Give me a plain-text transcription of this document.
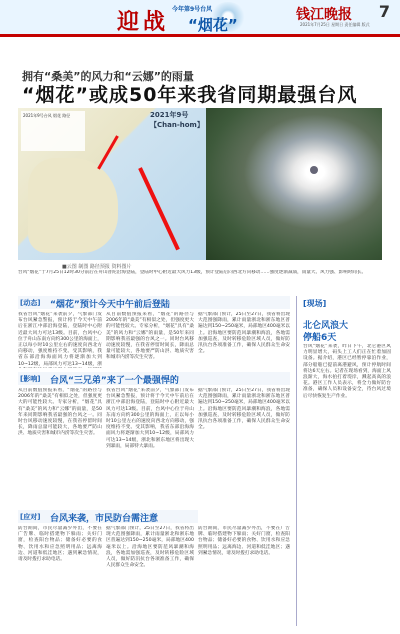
迎战 今年第9号台风
“烟花”
钱江晚报 7
2021年7月25日 星期日 责任编辑 版式
拥有“桑美”的风力和“云娜”的雨量
“烟花”或成50年来我省同期最强台风
2021年9号台风 烟花 路径	2021年9号【Chan-hom】
■云图 制图 路径预报 资料图片
台风“烟花”于7月25日12时30分前后在舟山普陀沿海登陆，登陆时中心附近最大风力13级，预计登陆后向西北方向移动……强度逐渐减弱，雨量大、风力强、影响时间长。
[动态] “烟花”预计今天中午前后登陆
我省台风“烟花”来袭前夕，气象部门发布台风紧急警报，预计将于今天中午前后在浙江中部沿海登陆，登陆时中心附近最大风力可达13级。目前，台风中心位于舟山东南方向约300公里的海面上，正以每小时10公里左右的速度向西北方向移动，强度维持不变。受其影响，我省东部沿海海面风力将逐渐加大到10~12级，局部风力可达13~14级，浙
从目前数值预报来看，“烟花”的路径与2006年的“桑美”有相似之处，但强度更大的可能性较大。专家分析，“烟花”具有“桑美”的风力和“云娜”的雨量，是50年来同期影响我省最强的台风之一。同时台风移动速度较慢，在我省停留时间长，降雨总量可能较大，各地要严防山洪、地质灾害和城市内涝等次生灾害。
据气象部门预计，25日至27日，我省将出现大范围强降雨，累计雨量浙北和浙东地区普遍达到150~250毫米，局部地区400毫米以上。沿海地区要防范风暴潮和海浪，各地需加强巡查，及时转移危险区域人员，做好防汛抗台各项准备工作，确保人民群众生命安全。
[影响] 台风“三兄弟”来了一个最强悍的
从目前数值预报来看，“烟花”的路径与2006年的“桑美”有相似之处，但强度更大的可能性较大。专家分析，“烟花”具有“桑美”的风力和“云娜”的雨量，是50年来同期影响我省最强的台风之一。同时台风移动速度较慢，在我省停留时间长，降雨总量可能较大，各地要严防山洪、地质灾害和城市内涝等次生灾害。
我省台风“烟花”来袭前夕，气象部门发布台风紧急警报，预计将于今天中午前后在浙江中部沿海登陆，登陆时中心附近最大风力可达13级。目前，台风中心位于舟山东南方向约300公里的海面上，正以每小时10公里左右的速度向西北方向移动，强度维持不变。受其影响，我省东部沿海海面风力将逐渐加大到10~12级，局部风力可达13~14级，浙北和浙东地区将出现大到暴雨，局部特大暴雨。
据气象部门预计，25日至27日，我省将出现大范围强降雨，累计雨量浙北和浙东地区普遍达到150~250毫米，局部地区400毫米以上。沿海地区要防范风暴潮和海浪，各地需加强巡查，及时转移危险区域人员，做好防汛抗台各项准备工作，确保人民群众生命安全。
[应对] 台风来袭，市民防台需注意
防台期间，市民尽量减少外出，不要在广告牌、临时搭建物下躲雨；关好门窗，检查阳台物品；储备好必要的食物、饮用水和应急照明用品；远离海边、河道和低洼地区；遇到紧急情况，请及时拨打求助电话。
据气象部门预计，25日至27日，我省将出现大范围强降雨，累计雨量浙北和浙东地区普遍达到150~250毫米，局部地区400毫米以上。沿海地区要防范风暴潮和海浪，各地需加强巡查，及时转移危险区域人员，做好防汛抗台各项准备工作，确保人民群众生命安全。
防台期间，市民尽量减少外出，不要在广告牌、临时搭建物下躲雨；关好门窗，检查阳台物品；储备好必要的食物、饮用水和应急照明用品；远离海边、河道和低洼地区；遇到紧急情况，请及时拨打求助电话。
[现场]
北仑风浪大
停船6天
台风“烟花”来袭，昨日下午，北仑港区风力明显增大，码头上工人们正在忙着加固设备。据介绍，港区已经暂停靠泊作业，部分船舶已提前离港避风，预计停航时间将达6天左右。记者在现场看到，海面上风浪渐大，海水拍打着堤岸，溅起高高的浪花。港区工作人员表示，将全力做好防台准备，确保人员和设备安全，待台风过境后尽快恢复生产作业。
